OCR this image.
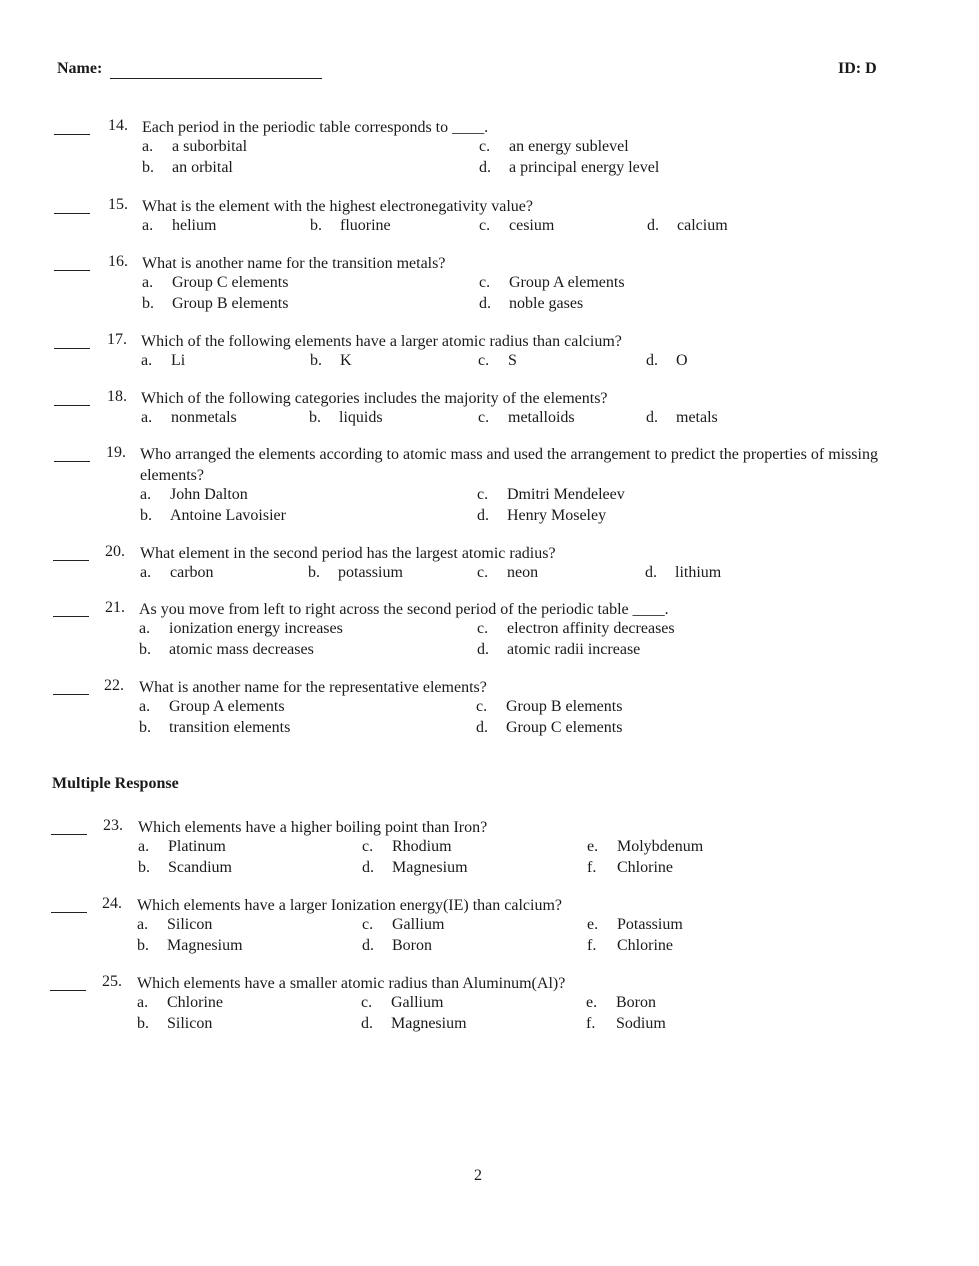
Name:	ID: D
14. Each period in the periodic table corresponds to ____.
a. a suborbital
b. an orbital
c. an energy sublevel
d. a principal energy level
15. What is the element with the highest electronegativity value?
a. helium	b. fluorine	c. cesium	d. calcium
16. What is another name for the transition metals?
a. Group C elements
b. Group B elements
c. Group A elements
d. noble gases
17. Which of the following elements have a larger atomic radius than calcium?
a. Li	b. K	c. S	d. O
18. Which of the following categories includes the majority of the elements?
a. nonmetals	b. liquids	c. metalloids	d. metals
19. Who arranged the elements according to atomic mass and used the arrangement to predict the properties of missing elements?
a. John Dalton
b. Antoine Lavoisier
c. Dmitri Mendeleev
d. Henry Moseley
20. What element in the second period has the largest atomic radius?
a. carbon	b. potassium	c. neon	d. lithium
21. As you move from left to right across the second period of the periodic table ____.
a. ionization energy increases
b. atomic mass decreases
c. electron affinity decreases
d. atomic radii increase
22. What is another name for the representative elements?
a. Group A elements
b. transition elements
c. Group B elements
d. Group C elements
Multiple Response
23. Which elements have a higher boiling point than Iron?
a. Platinum
b. Scandium
c. Rhodium
d. Magnesium
e. Molybdenum
f. Chlorine
24. Which elements have a larger Ionization energy(IE) than calcium?
a. Silicon
b. Magnesium
c. Gallium
d. Boron
e. Potassium
f. Chlorine
25. Which elements have a smaller atomic radius than Aluminum(Al)?
a. Chlorine
b. Silicon
c. Gallium
d. Magnesium
e. Boron
f. Sodium
2
